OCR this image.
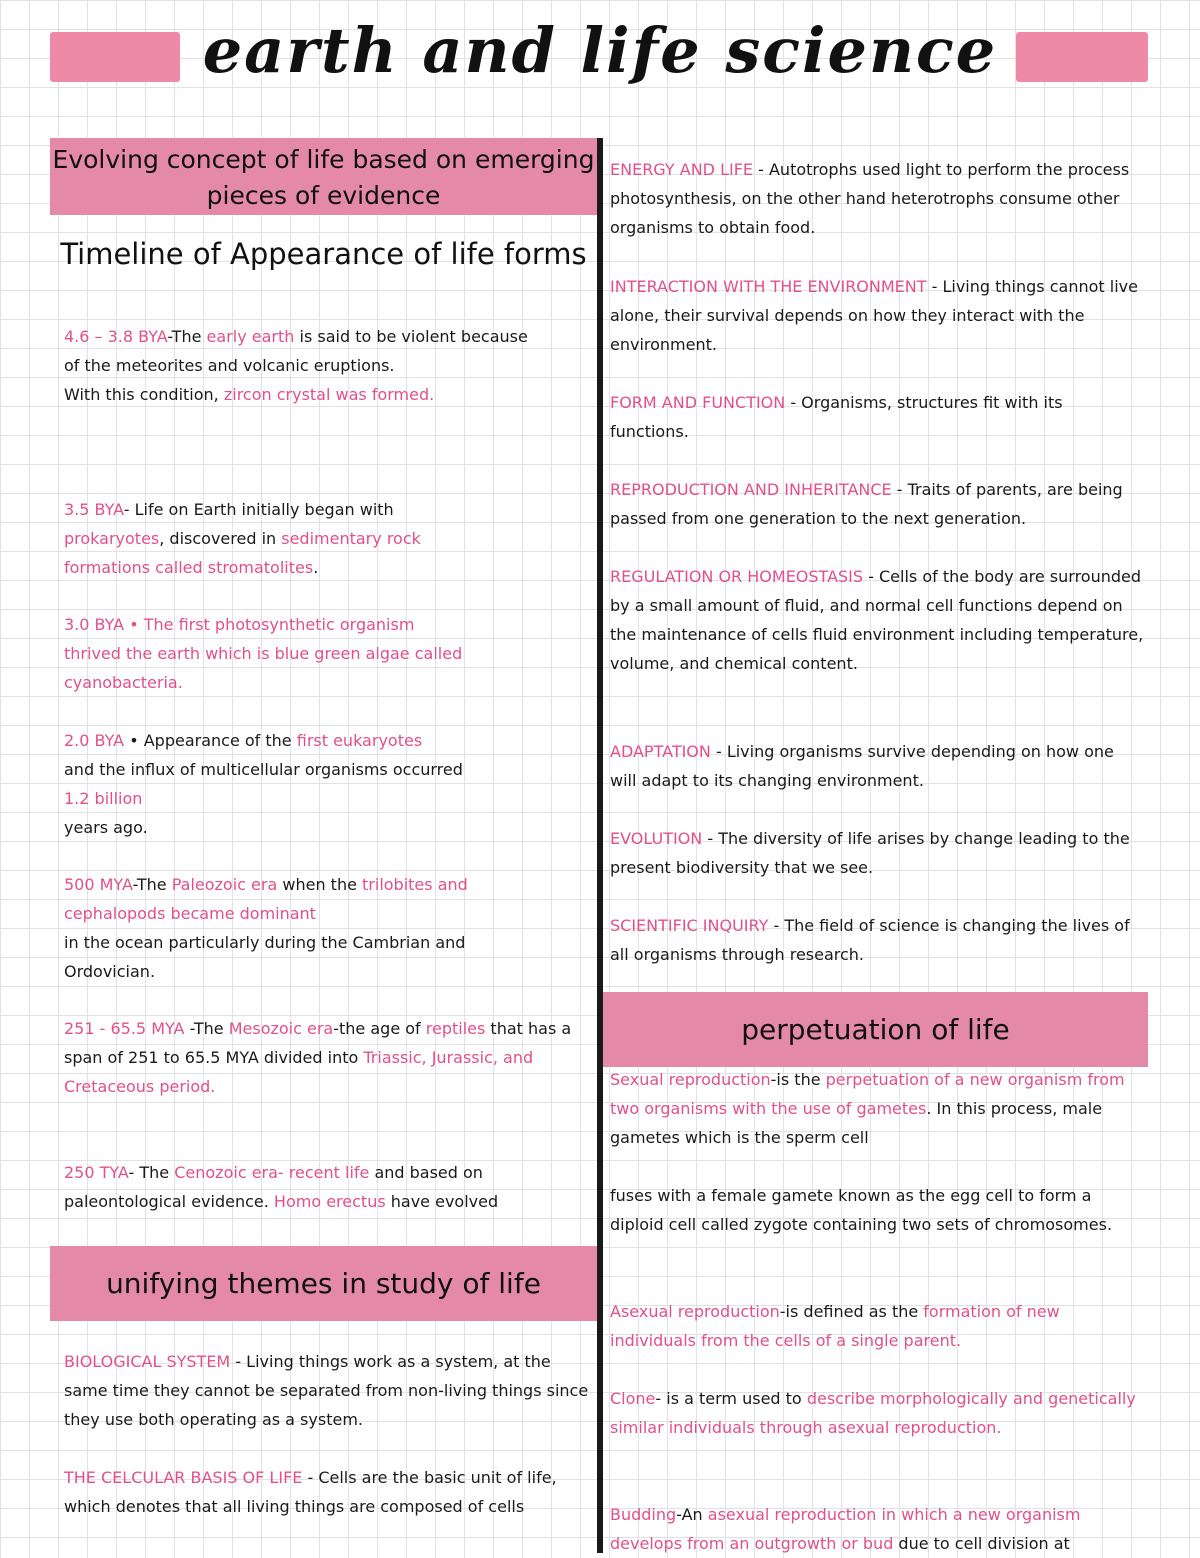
earth and life science
Evolving concept of life based on emerging pieces of evidence
Timeline of Appearance of life forms

4.6 – 3.8 BYA-The early earth is said to be violent because
of the meteorites and volcanic eruptions.
With this condition, zircon crystal was formed.

3.5 BYA- Life on Earth initially began with
prokaryotes, discovered in sedimentary rock formations called stromatolites.

3.0 BYA • The first photosynthetic organism thrived the earth which is blue green algae called cyanobacteria.

2.0 BYA • Appearance of the first eukaryotes
and the influx of multicellular organisms occurred 1.2 billion
years ago.

500 MYA-The Paleozoic era when the trilobites and cephalopods became dominant
in the ocean particularly during the Cambrian and Ordovician.

251 - 65.5 MYA -The Mesozoic era-the age of reptiles that has a span of 251 to 65.5 MYA divided into Triassic, Jurassic, and Cretaceous period.

250 TYA- The Cenozoic era- recent life and based on paleontological evidence. Homo erectus have evolved

unifying themes in study of life

BIOLOGICAL SYSTEM - Living things work as a system, at the same time they cannot be separated from non-living things since they use both operating as a system.

THE CELCULAR BASIS OF LIFE - Cells are the basic unit of life, which denotes that all living things are composed of cells

ENERGY AND LIFE - Autotrophs used light to perform the process photosynthesis, on the other hand heterotrophs consume other organisms to obtain food.

INTERACTION WITH THE ENVIRONMENT - Living things cannot live alone, their survival depends on how they interact with the environment.

FORM AND FUNCTION - Organisms, structures fit with its functions.

REPRODUCTION AND INHERITANCE - Traits of parents, are being passed from one generation to the next generation.

REGULATION OR HOMEOSTASIS - Cells of the body are surrounded by a small amount of fluid, and normal cell functions depend on the maintenance of cells fluid environment including temperature, volume, and chemical content.

ADAPTATION - Living organisms survive depending on how one will adapt to its changing environment.

EVOLUTION - The diversity of life arises by change leading to the present biodiversity that we see.

SCIENTIFIC INQUIRY - The field of science is changing the lives of all organisms through research.

perpetuation of life

Sexual reproduction-is the perpetuation of a new organism from two organisms with the use of gametes. In this process, male gametes which is the sperm cell

fuses with a female gamete known as the egg cell to form a diploid cell called zygote containing two sets of chromosomes.

Asexual reproduction-is defined as the formation of new individuals from the cells of a single parent.

Clone- is a term used to describe morphologically and genetically similar individuals through asexual reproduction.

Budding-An asexual reproduction in which a new organism develops from an outgrowth or bud due to cell division at
